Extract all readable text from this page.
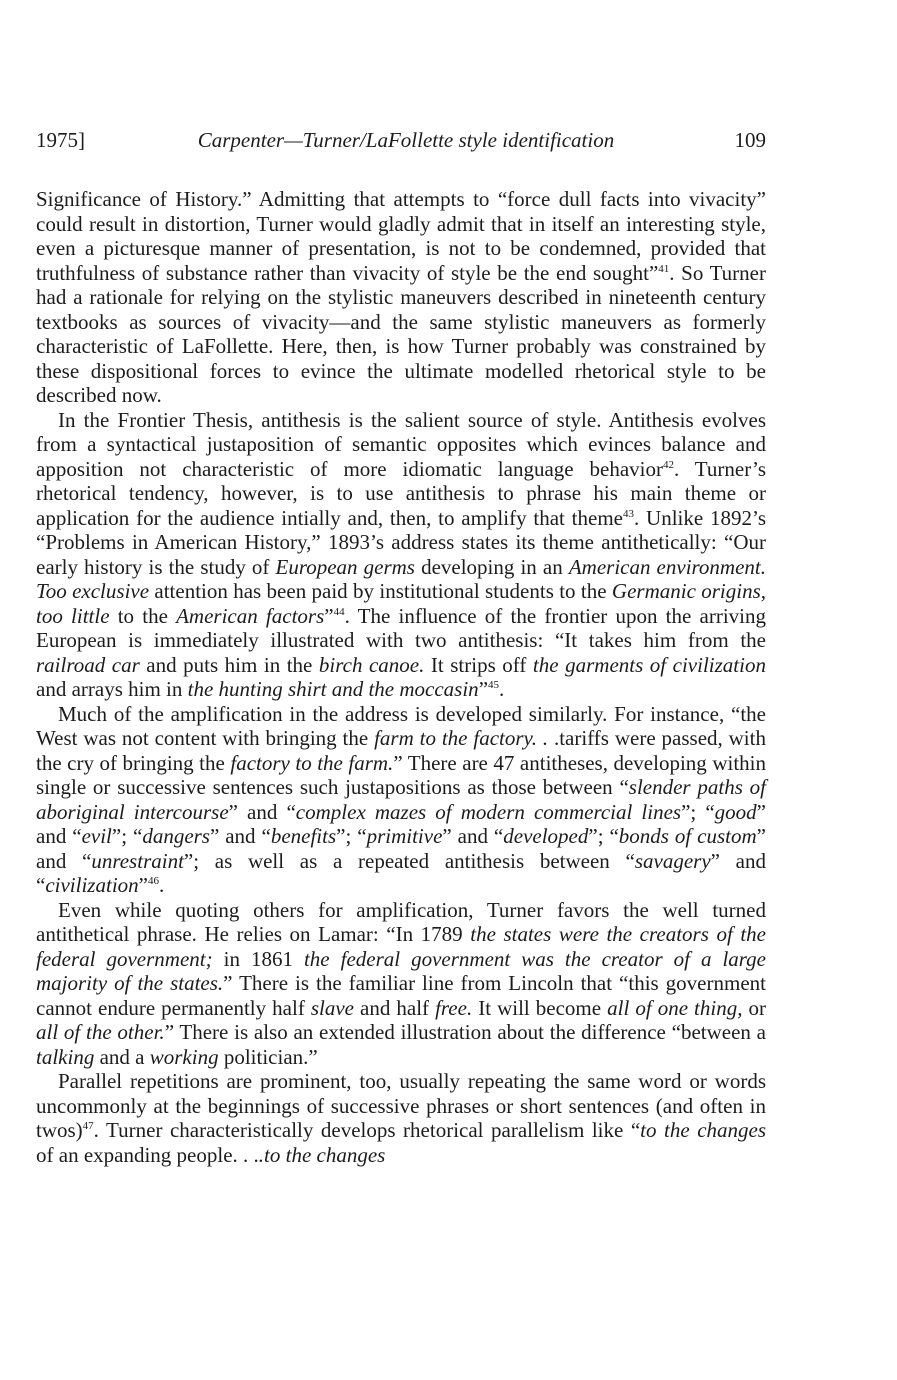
1975]	Carpenter—Turner/LaFollette style identification	109

Significance of History.” Admitting that attempts to “force dull facts into vivacity” could result in distortion, Turner would gladly admit that in itself an interesting style, even a picturesque manner of presentation, is not to be condemned, provided that truthfulness of substance rather than vivacity of style be the end sought”$^{41}$. So Turner had a rationale for relying on the stylistic maneuvers described in nineteenth century textbooks as sources of vivacity—and the same stylistic maneuvers as formerly characteristic of LaFollette. Here, then, is how Turner probably was constrained by these dispositional forces to evince the ultimate modelled rhetorical style to be described now.

In the Frontier Thesis, antithesis is the salient source of style. Antithesis evolves from a syntactical justaposition of semantic opposites which evinces balance and apposition not characteristic of more idiomatic language behavior$^{42}$. Turner’s rhetorical tendency, however, is to use antithesis to phrase his main theme or application for the audience intially and, then, to amplify that theme$^{43}$. Unlike 1892’s “Problems in American History,” 1893’s address states its theme antithetically: “Our early history is the study of European germs developing in an American environment. Too exclusive attention has been paid by institutional students to the Germanic origins, too little to the American factors”$^{44}$. The influence of the frontier upon the arriving European is immediately illustrated with two antithesis: “It takes him from the railroad car and puts him in the birch canoe. It strips off the garments of civilization and arrays him in the hunting shirt and the moccasin”$^{45}$.

Much of the amplification in the address is developed similarly. For instance, “the West was not content with bringing the farm to the factory. . .tariffs were passed, with the cry of bringing the factory to the farm.” There are 47 antitheses, developing within single or successive sentences such justapositions as those between “slender paths of aboriginal intercourse” and “complex mazes of modern commercial lines”; “good” and “evil”; “dangers” and “benefits”; “primitive” and “developed”; “bonds of custom” and “unrestraint”; as well as a repeated antithesis between “savagery” and “civilization”$^{46}$.

Even while quoting others for amplification, Turner favors the well turned antithetical phrase. He relies on Lamar: “In 1789 the states were the creators of the federal government; in 1861 the federal government was the creator of a large majority of the states.” There is the familiar line from Lincoln that “this government cannot endure permanently half slave and half free. It will become all of one thing, or all of the other.” There is also an extended illustration about the difference “between a talking and a working politician.”

Parallel repetitions are prominent, too, usually repeating the same word or words uncommonly at the beginnings of successive phrases or short sentences (and often in twos)$^{47}$. Turner characteristically develops rhetorical parallelism like “to the changes of an expanding people. . ..to the changes
